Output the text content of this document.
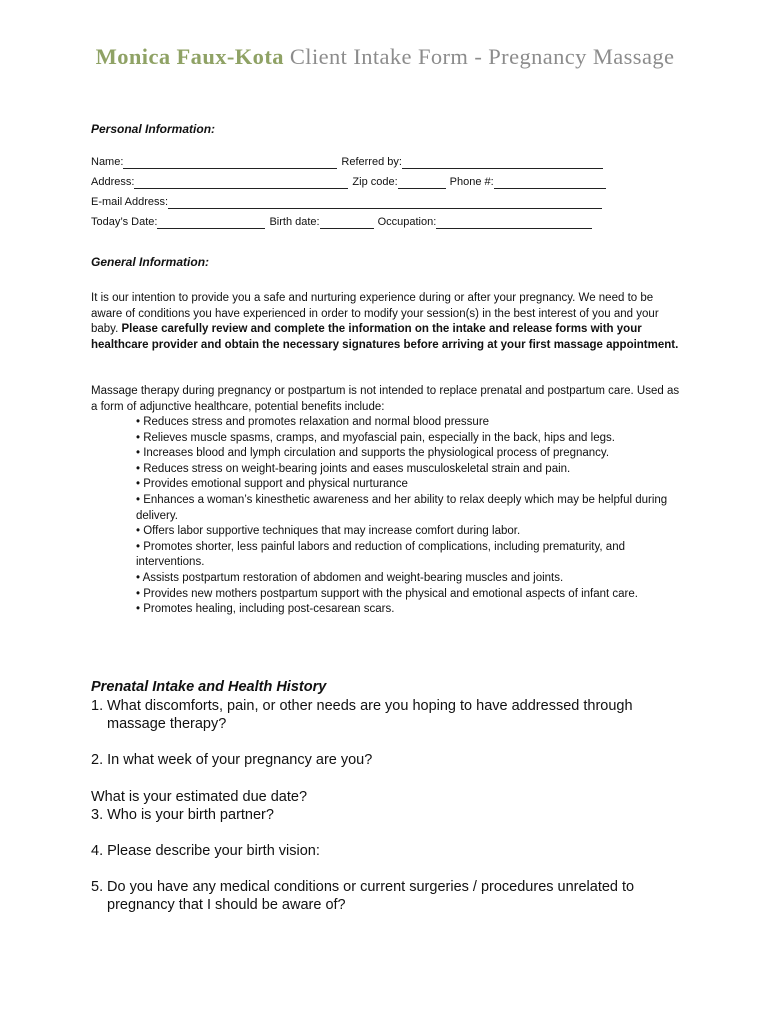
Monica Faux-Kota Client Intake Form - Pregnancy Massage
Personal Information:
Name:	Referred by:
Address:	Zip code:	Phone #:
E-mail Address:
Today’s Date:	Birth date:	Occupation:
General Information:
It is our intention to provide you a safe and nurturing experience during or after your pregnancy. We need to be aware of conditions you have experienced in order to modify your session(s) in the best interest of you and your baby. Please carefully review and complete the information on the intake and release forms with your healthcare provider and obtain the necessary signatures before arriving at your first massage appointment.
Massage therapy during pregnancy or postpartum is not intended to replace prenatal and postpartum care. Used as a form of adjunctive healthcare, potential benefits include:
• Reduces stress and promotes relaxation and normal blood pressure
• Relieves muscle spasms, cramps, and myofascial pain, especially in the back, hips and legs.
• Increases blood and lymph circulation and supports the physiological process of pregnancy.
• Reduces stress on weight-bearing joints and eases musculoskeletal strain and pain.
• Provides emotional support and physical nurturance
• Enhances a woman’s kinesthetic awareness and her ability to relax deeply which may be helpful during delivery.
• Offers labor supportive techniques that may increase comfort during labor.
• Promotes shorter, less painful labors and reduction of complications, including prematurity, and interventions.
• Assists postpartum restoration of abdomen and weight-bearing muscles and joints.
• Provides new mothers postpartum support with the physical and emotional aspects of infant care.
• Promotes healing, including post-cesarean scars.
Prenatal Intake and Health History
1. What discomforts, pain, or other needs are you hoping to have addressed through
massage therapy?
2. In what week of your pregnancy are you?
What is your estimated due date?
3. Who is your birth partner?
4. Please describe your birth vision:
5. Do you have any medical conditions or current surgeries / procedures unrelated to
pregnancy that I should be aware of?
